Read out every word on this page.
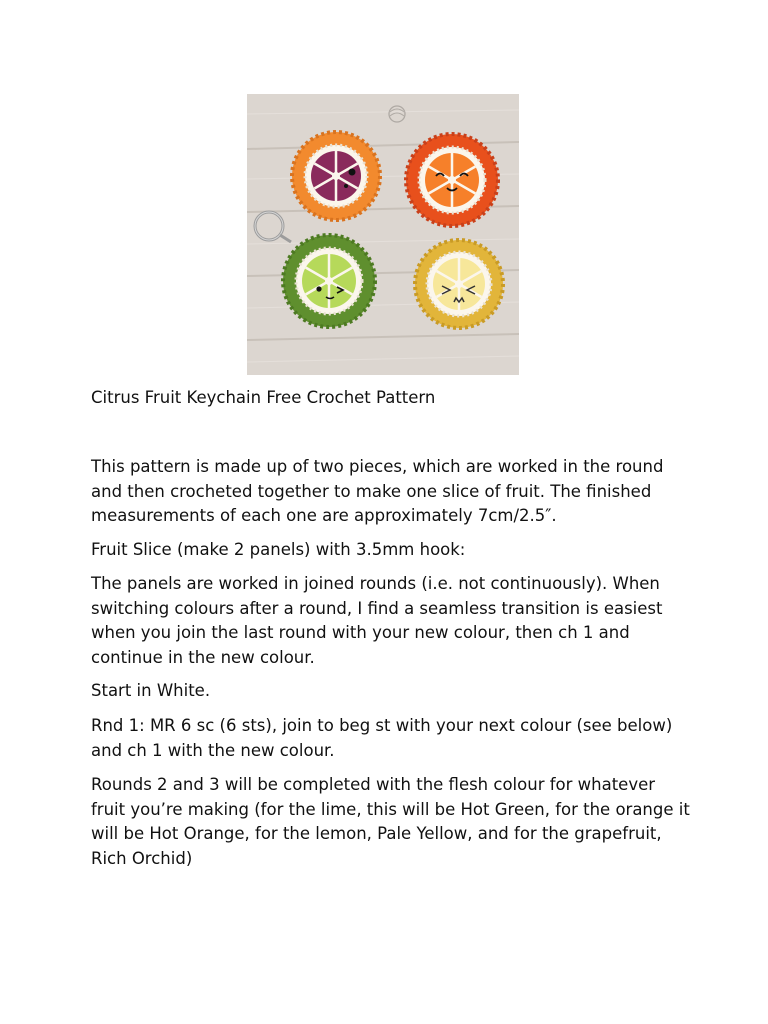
Citrus Fruit Keychain Free Crochet Pattern

This pattern is made up of two pieces, which are worked in the round and then crocheted together to make one slice of fruit. The finished measurements of each one are approximately 7cm/2.5″.

Fruit Slice (make 2 panels) with 3.5mm hook:

The panels are worked in joined rounds (i.e. not continuously). When switching colours after a round, I find a seamless transition is easiest when you join the last round with your new colour, then ch 1 and continue in the new colour.

Start in White.

Rnd 1: MR 6 sc (6 sts), join to beg st with your next colour (see below) and ch 1 with the new colour.

Rounds 2 and 3 will be completed with the flesh colour for whatever fruit you’re making (for the lime, this will be Hot Green, for the orange it will be Hot Orange, for the lemon, Pale Yellow, and for the grapefruit, Rich Orchid)
